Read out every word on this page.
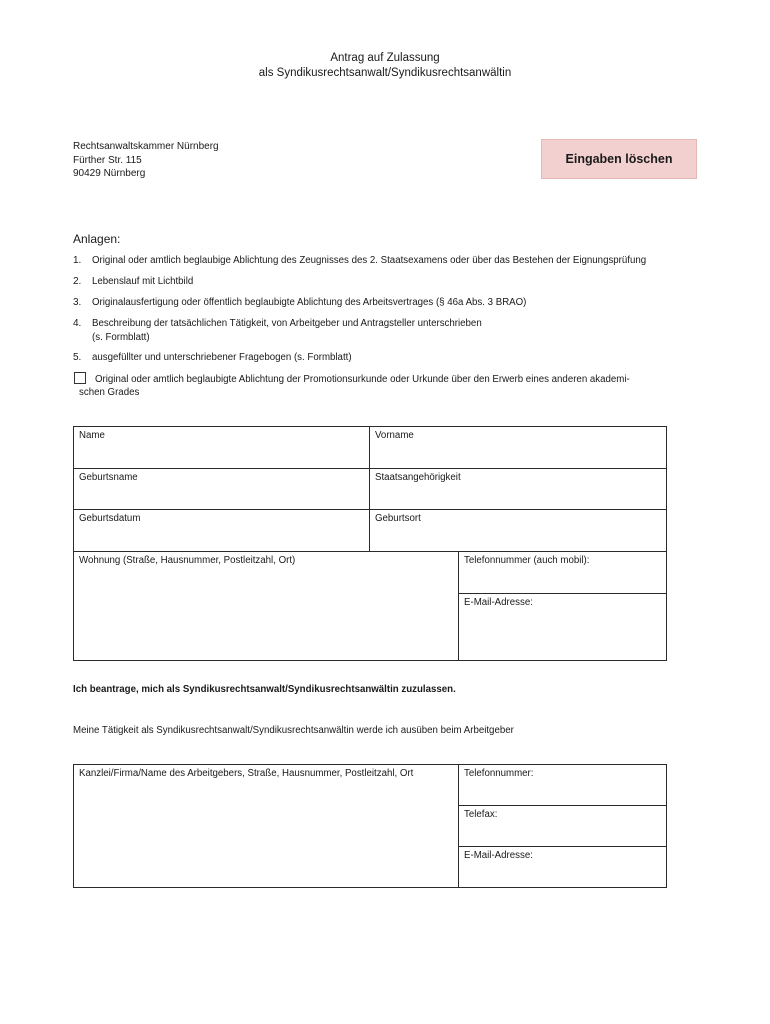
Antrag auf Zulassung
als Syndikusrechtsanwalt/Syndikusrechtsanwältin
Rechtsanwaltskammer Nürnberg
Fürther Str. 115
90429 Nürnberg
Eingaben löschen
Anlagen:
1. Original oder amtlich beglaubige Ablichtung des Zeugnisses des 2. Staatsexamens oder über das Bestehen der Eignungsprüfung
2. Lebenslauf mit Lichtbild
3. Originalausfertigung oder öffentlich beglaubigte Ablichtung des Arbeitsvertrages (§ 46a Abs. 3 BRAO)
4. Beschreibung der tatsächlichen Tätigkeit, von Arbeitgeber und Antragsteller unterschrieben
(s. Formblatt)
5. ausgefüllter und unterschriebener Fragebogen (s. Formblatt)
Original oder amtlich beglaubigte Ablichtung der Promotionsurkunde oder Urkunde über den Erwerb eines anderen akademi-
schen Grades
Name	Vorname

Geburtsname	Staatsangehörigkeit

Geburtsdatum	Geburtsort
Wohnung (Straße, Hausnummer, Postleitzahl, Ort)	Telefonnummer (auch mobil):

E-Mail-Adresse:
Ich beantrage, mich als Syndikusrechtsanwalt/Syndikusrechtsanwältin zuzulassen.
Meine Tätigkeit als Syndikusrechtsanwalt/Syndikusrechtsanwältin werde ich ausüben beim Arbeitgeber
Kanzlei/Firma/Name des Arbeitgebers, Straße, Hausnummer, Postleitzahl, Ort	Telefonnummer:

Telefax:

E-Mail-Adresse:
